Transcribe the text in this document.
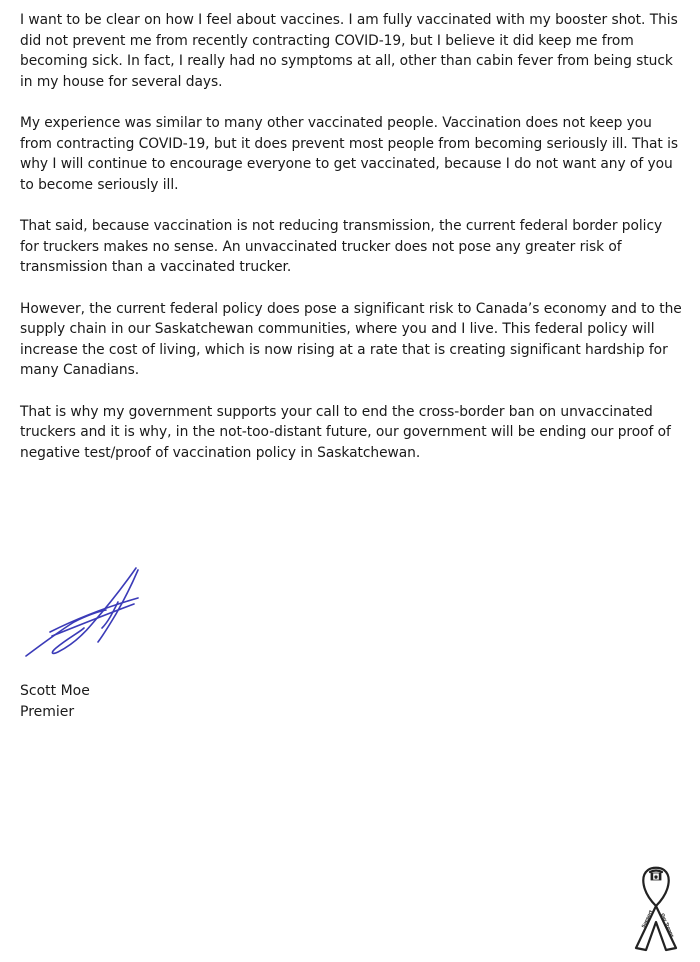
I want to be clear on how I feel about vaccines. I am fully vaccinated with my booster shot. This did not prevent me from recently contracting COVID-19, but I believe it did keep me from becoming sick. In fact, I really had no symptoms at all, other than cabin fever from being stuck in my house for several days.

My experience was similar to many other vaccinated people. Vaccination does not keep you from contracting COVID-19, but it does prevent most people from becoming seriously ill. That is why I will continue to encourage everyone to get vaccinated, because I do not want any of you to become seriously ill.

That said, because vaccination is not reducing transmission, the current federal border policy for truckers makes no sense. An unvaccinated trucker does not pose any greater risk of transmission than a vaccinated trucker.

However, the current federal policy does pose a significant risk to Canada’s economy and to the supply chain in our Saskatchewan communities, where you and I live. This federal policy will increase the cost of living, which is now rising at a rate that is creating significant hardship for many Canadians.

That is why my government supports your call to end the cross-border ban on unvaccinated truckers and it is why, in the not-too-distant future, our government will be ending our proof of negative test/proof of vaccination policy in Saskatchewan.

Scott Moe
Premier
Support Our Troops
